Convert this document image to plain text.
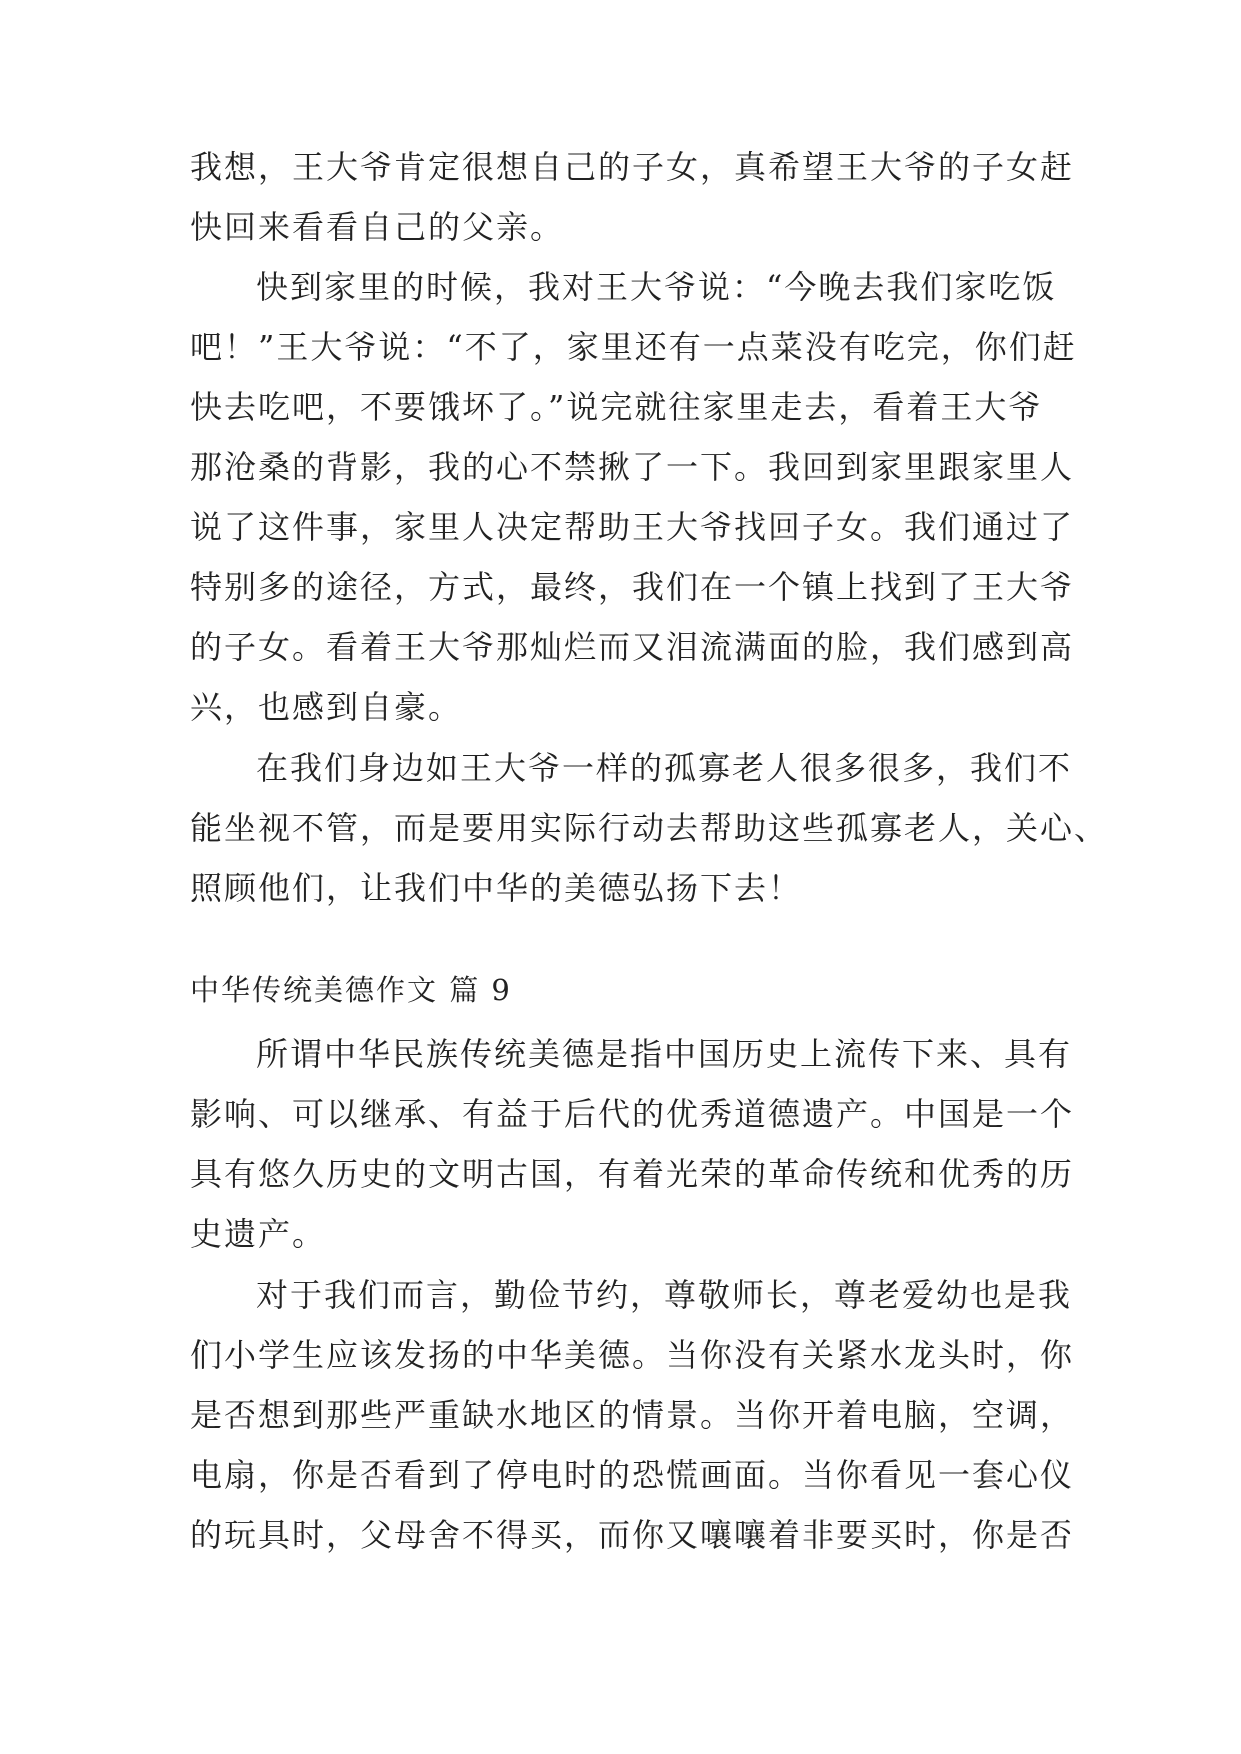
我想，王大爷肯定很想自己的子女，真希望王大爷的子女赶
快回来看看自己的父亲。
快到家里的时候，我对王大爷说：“今晚去我们家吃饭
吧！”王大爷说：“不了，家里还有一点菜没有吃完，你们赶
快去吃吧，不要饿坏了。”说完就往家里走去，看着王大爷
那沧桑的背影，我的心不禁揪了一下。我回到家里跟家里人
说了这件事，家里人决定帮助王大爷找回子女。我们通过了
特别多的途径，方式，最终，我们在一个镇上找到了王大爷
的子女。看着王大爷那灿烂而又泪流满面的脸，我们感到高
兴，也感到自豪。
在我们身边如王大爷一样的孤寡老人很多很多，我们不
能坐视不管，而是要用实际行动去帮助这些孤寡老人，关心、
照顾他们，让我们中华的美德弘扬下去！
中华传统美德作文 篇 9
所谓中华民族传统美德是指中国历史上流传下来、具有
影响、可以继承、有益于后代的优秀道德遗产。中国是一个
具有悠久历史的文明古国，有着光荣的革命传统和优秀的历
史遗产。
对于我们而言，勤俭节约，尊敬师长，尊老爱幼也是我
们小学生应该发扬的中华美德。当你没有关紧水龙头时，你
是否想到那些严重缺水地区的情景。当你开着电脑，空调，
电扇，你是否看到了停电时的恐慌画面。当你看见一套心仪
的玩具时，父母舍不得买，而你又嚷嚷着非要买时，你是否
